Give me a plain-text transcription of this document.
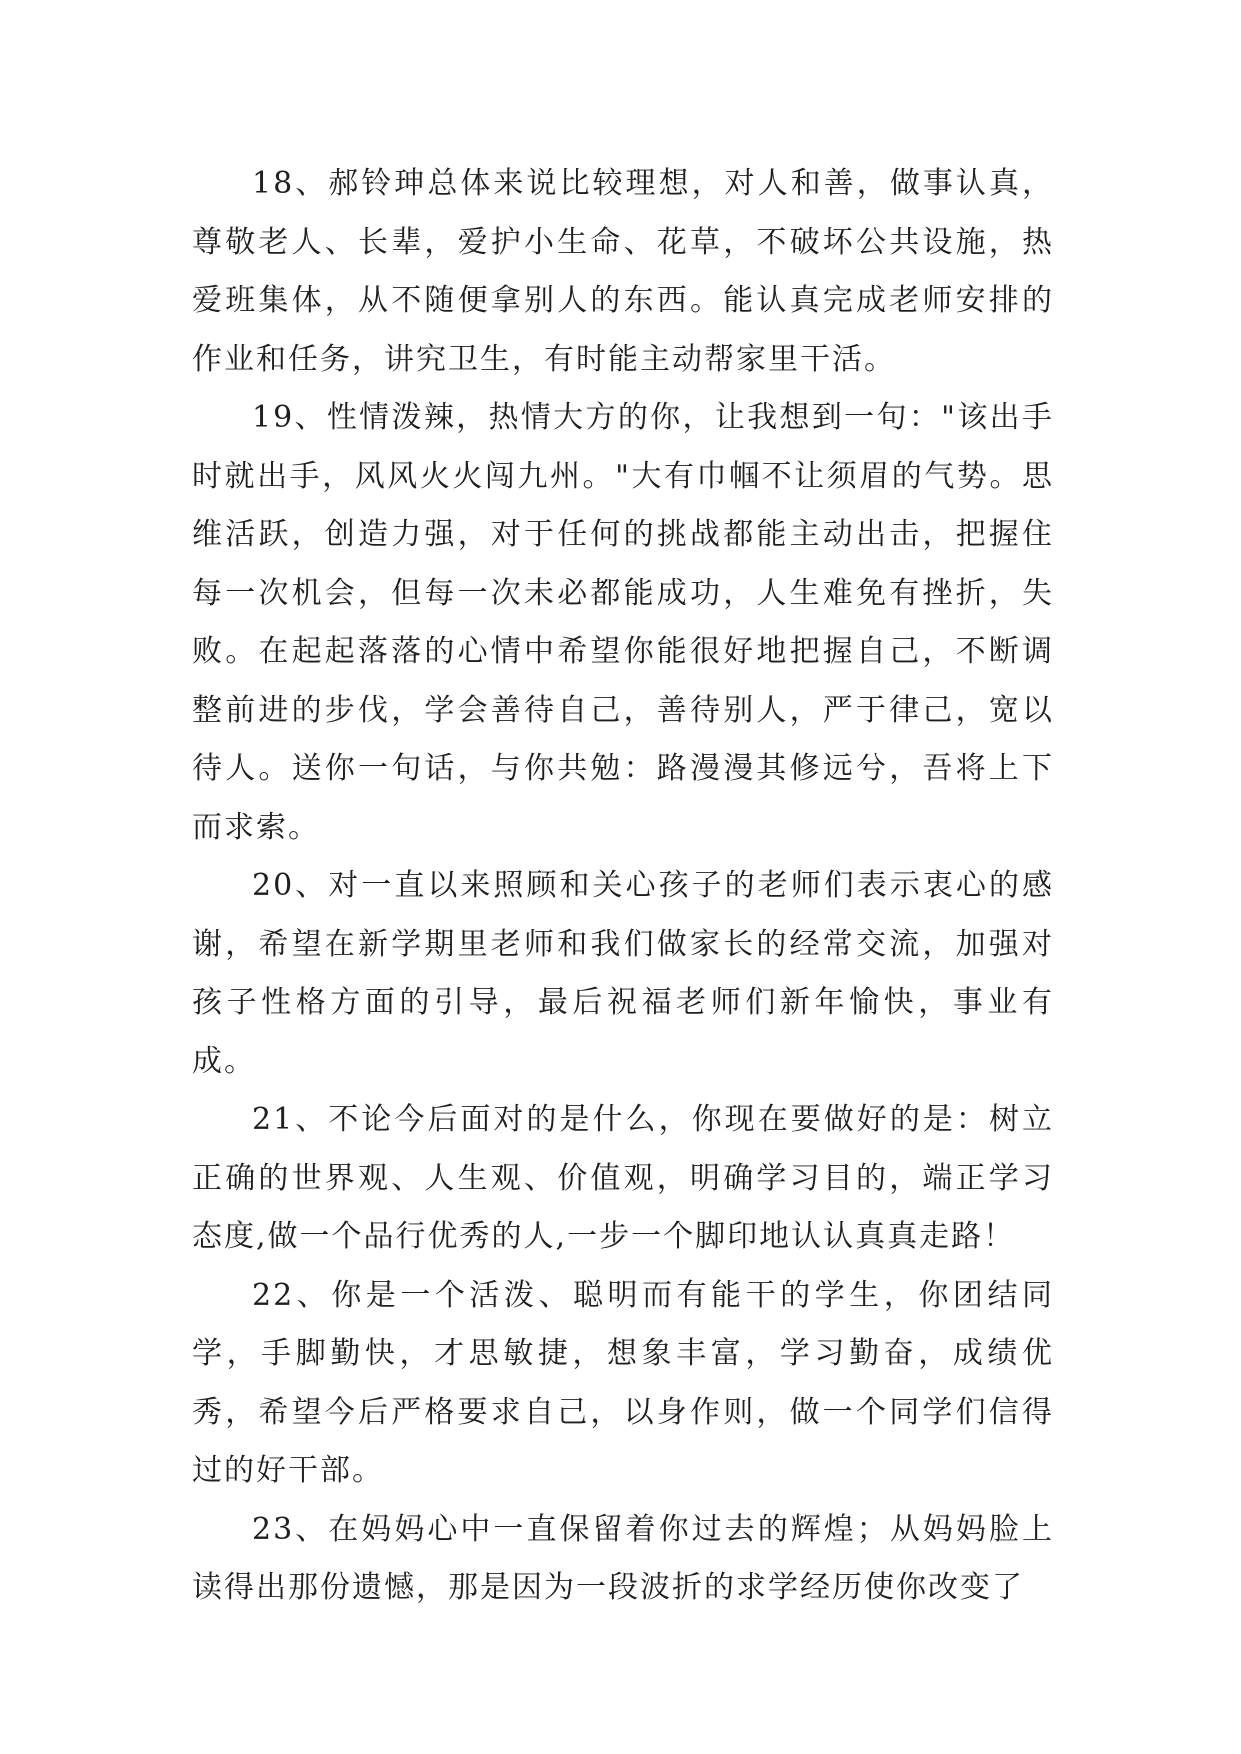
18、郝铃珅总体来说比较理想，对人和善，做事认真，尊敬老人、长辈，爱护小生命、花草，不破坏公共设施，热爱班集体，从不随便拿别人的东西。能认真完成老师安排的作业和任务，讲究卫生，有时能主动帮家里干活。

19、性情泼辣，热情大方的你，让我想到一句："该出手时就出手，风风火火闯九州。"大有巾帼不让须眉的气势。思维活跃，创造力强，对于任何的挑战都能主动出击，把握住每一次机会，但每一次未必都能成功，人生难免有挫折，失败。在起起落落的心情中希望你能很好地把握自己，不断调整前进的步伐，学会善待自己，善待别人，严于律己，宽以待人。送你一句话，与你共勉：路漫漫其修远兮，吾将上下而求索。

20、对一直以来照顾和关心孩子的老师们表示衷心的感谢，希望在新学期里老师和我们做家长的经常交流，加强对孩子性格方面的引导，最后祝福老师们新年愉快，事业有成。

21、不论今后面对的是什么，你现在要做好的是：树立正确的世界观、人生观、价值观，明确学习目的，端正学习态度,做一个品行优秀的人,一步一个脚印地认认真真走路！

22、你是一个活泼、聪明而有能干的学生，你团结同学，手脚勤快，才思敏捷，想象丰富，学习勤奋，成绩优秀，希望今后严格要求自己，以身作则，做一个同学们信得过的好干部。

23、在妈妈心中一直保留着你过去的辉煌；从妈妈脸上读得出那份遗憾，那是因为一段波折的求学经历使你改变了
